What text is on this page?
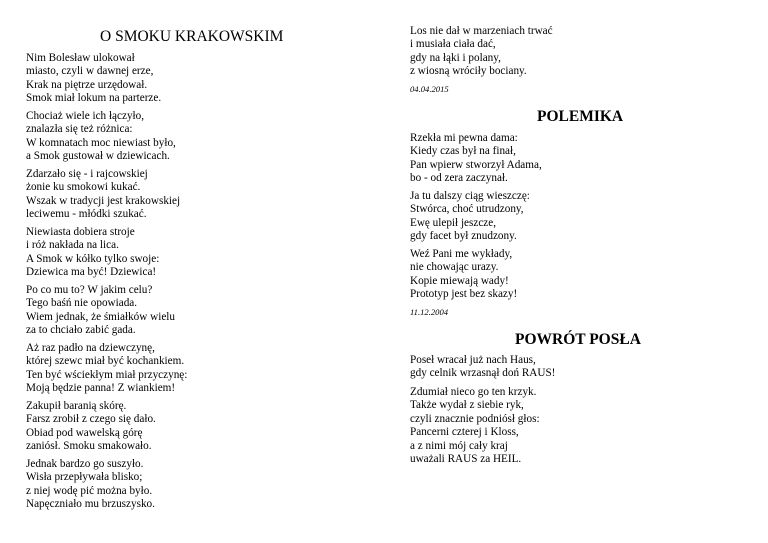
O SMOKU KRAKOWSKIM
Nim Bolesław ulokował
miasto, czyli w dawnej erze,
Krak na piętrze urzędował.
Smok miał lokum na parterze.
Chociaż wiele ich łączyło,
znalazła się też różnica:
W komnatach moc niewiast było,
a Smok gustował w dziewicach.
Zdarzało się - i rajcowskiej
żonie ku smokowi kukać.
Wszak w tradycji jest krakowskiej
leciwemu - młódki szukać.
Niewiasta dobiera stroje
i róż nakłada na lica.
A Smok w kółko tylko swoje:
Dziewica ma być! Dziewica!
Po co mu to? W jakim celu?
Tego baśń nie opowiada.
Wiem jednak, że śmiałków wielu
za to chciało zabić gada.
Aż raz padło na dziewczynę,
której szewc miał być kochankiem.
Ten być wściekłym miał przyczynę:
Moją będzie panna! Z wiankiem!
Zakupił baranią skórę.
Farsz zrobił z czego się dało.
Obiad pod wawelską górę
zaniósł. Smoku smakowało.
Jednak bardzo go suszyło.
Wisła przepływała blisko;
z niej wodę pić można było.
Napęczniało mu brzuszysko.
Los nie dał w marzeniach trwać
i musiała ciała dać,
gdy na łąki i polany,
z wiosną wróciły bociany.
04.04.2015
POLEMIKA
Rzekła mi pewna dama:
Kiedy czas był na finał,
Pan wpierw stworzył Adama,
bo - od zera zaczynał.
Ja tu dalszy ciąg wieszczę:
Stwórca, choć utrudzony,
Ewę ulepił jeszcze,
gdy facet był znudzony.
Weź Pani me wykłady,
nie chowając urazy.
Kopie miewają wady!
Prototyp jest bez skazy!
11.12.2004
POWRÓT POSŁA
Poseł wracał już nach Haus,
gdy celnik wrzasnął doń RAUS!
Zdumiał nieco go ten krzyk.
Także wydał z siebie ryk,
czyli znacznie podniósł głos:
Pancerni czterej i Kloss,
a z nimi mój cały kraj
uważali RAUS za HEIL.
